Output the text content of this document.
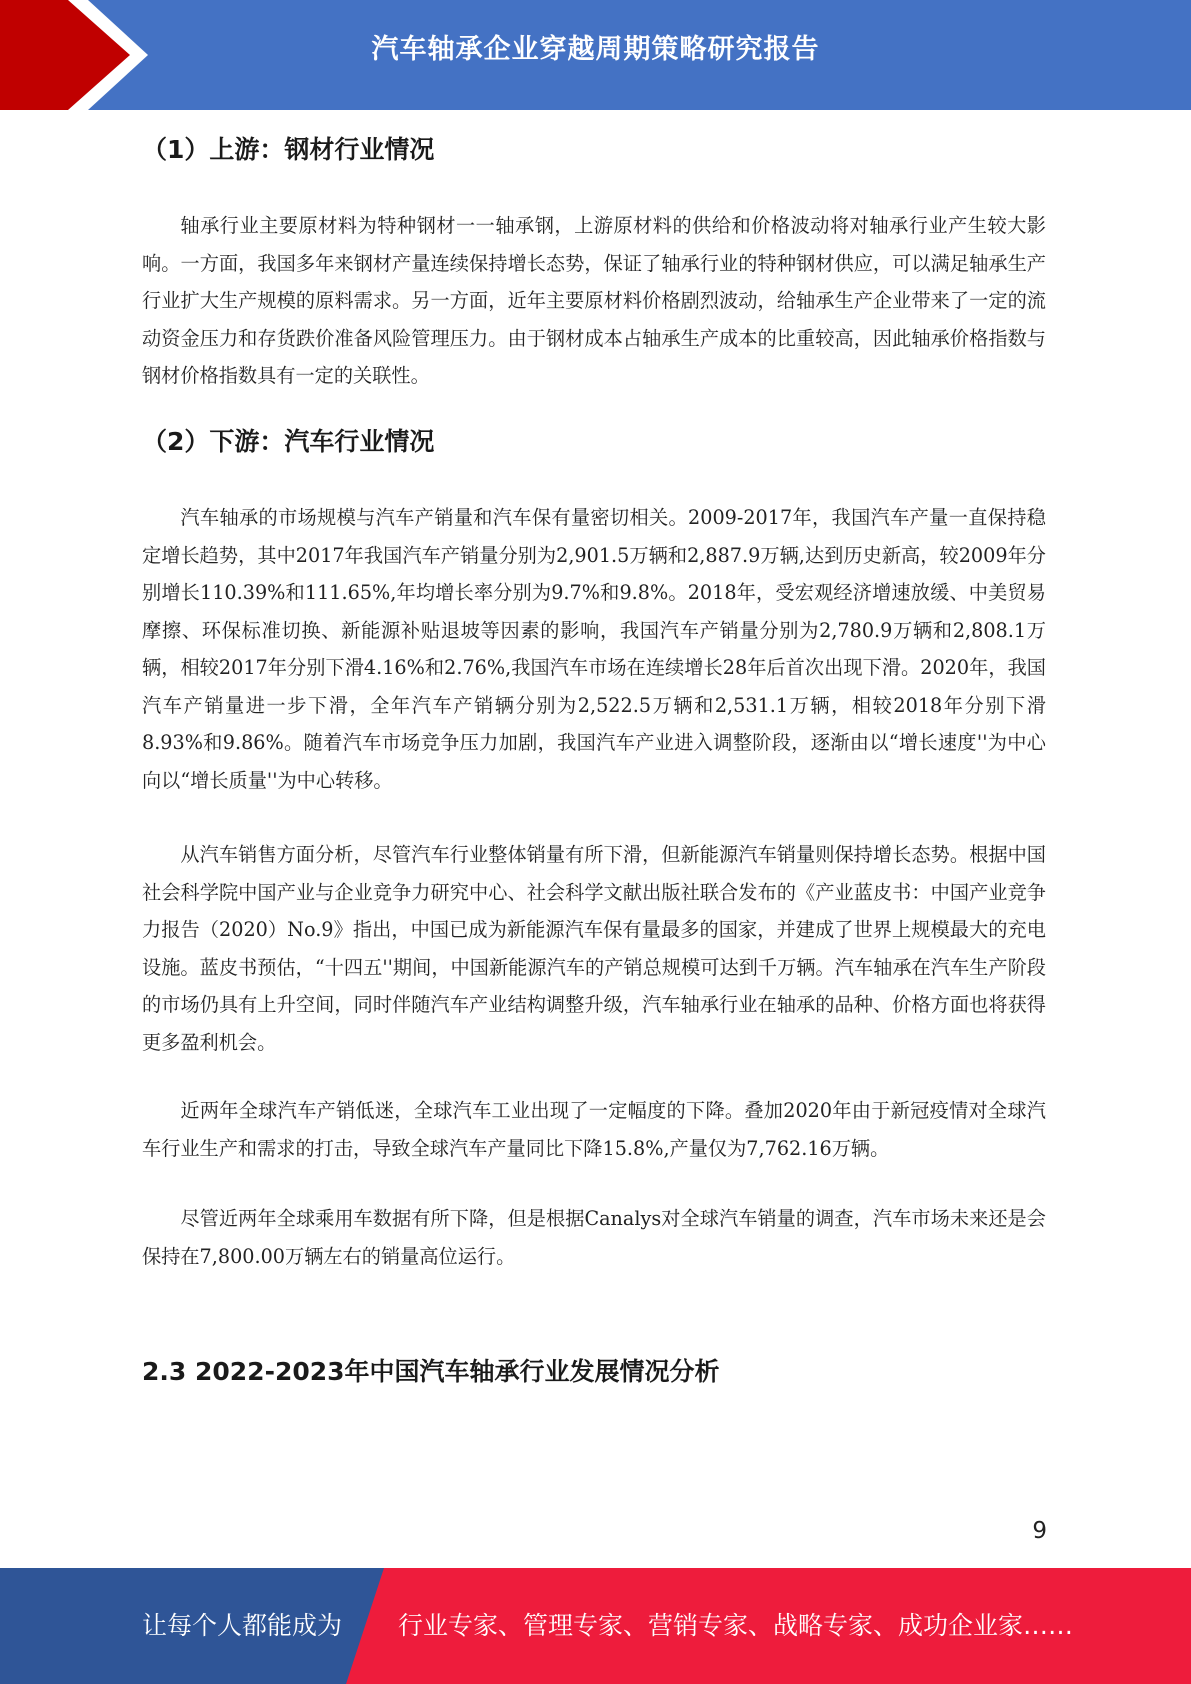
汽车轴承企业穿越周期策略研究报告
（1）上游：钢材行业情况

轴承行业主要原材料为特种钢材一一轴承钢，上游原材料的供给和价格波动将对轴承行业产生较大影响。一方面，我国多年来钢材产量连续保持增长态势，保证了轴承行业的特种钢材供应，可以满足轴承生产行业扩大生产规模的原料需求。另一方面，近年主要原材料价格剧烈波动，给轴承生产企业带来了一定的流动资金压力和存货跌价准备风险管理压力。由于钢材成本占轴承生产成本的比重较高，因此轴承价格指数与钢材价格指数具有一定的关联性。

（2）下游：汽车行业情况

汽车轴承的市场规模与汽车产销量和汽车保有量密切相关。2009-2017年，我国汽车产量一直保持稳定增长趋势，其中2017年我国汽车产销量分别为2,901.5万辆和2,887.9万辆,达到历史新高，较2009年分别增长110.39%和111.65%,年均增长率分别为9.7%和9.8%。2018年，受宏观经济增速放缓、中美贸易摩擦、环保标准切换、新能源补贴退坡等因素的影响，我国汽车产销量分别为2,780.9万辆和2,808.1万辆，相较2017年分别下滑4.16%和2.76%,我国汽车市场在连续增长28年后首次出现下滑。2020年，我国汽车产销量进一步下滑，全年汽车产销辆分别为2,522.5万辆和2,531.1万辆，相较2018年分别下滑8.93%和9.86%。随着汽车市场竞争压力加剧，我国汽车产业进入调整阶段，逐渐由以“增长速度''为中心向以“增长质量''为中心转移。

从汽车销售方面分析，尽管汽车行业整体销量有所下滑，但新能源汽车销量则保持增长态势。根据中国社会科学院中国产业与企业竞争力研究中心、社会科学文献出版社联合发布的《产业蓝皮书：中国产业竞争力报告（2020）No.9》指出，中国已成为新能源汽车保有量最多的国家，并建成了世界上规模最大的充电设施。蓝皮书预估，“十四五''期间，中国新能源汽车的产销总规模可达到千万辆。汽车轴承在汽车生产阶段的市场仍具有上升空间，同时伴随汽车产业结构调整升级，汽车轴承行业在轴承的品种、价格方面也将获得更多盈利机会。

近两年全球汽车产销低迷，全球汽车工业出现了一定幅度的下降。叠加2020年由于新冠疫情对全球汽车行业生产和需求的打击，导致全球汽车产量同比下降15.8%,产量仅为7,762.16万辆。

尽管近两年全球乘用车数据有所下降，但是根据Canalys对全球汽车销量的调查，汽车市场未来还是会保持在7,800.00万辆左右的销量高位运行。

2.3 2022-2023年中国汽车轴承行业发展情况分析
9
让每个人都能成为 行业专家、管理专家、营销专家、战略专家、成功企业家……
